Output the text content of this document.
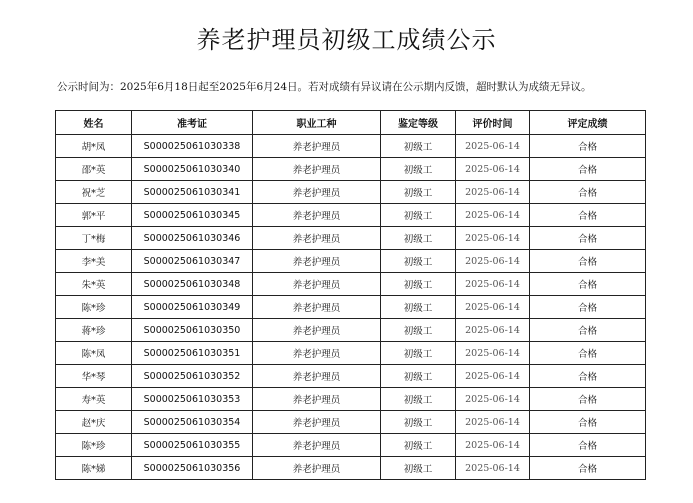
养老护理员初级工成绩公示
公示时间为：2025年6月18日起至2025年6月24日。若对成绩有异议请在公示期内反馈，超时默认为成绩无异议。
姓名	准考证	职业工种	鉴定等级	评价时间	评定成绩
胡*凤	S000025061030338	养老护理员	初级工	2025-06-14	合格
邵*英	S000025061030340	养老护理员	初级工	2025-06-14	合格
祝*芝	S000025061030341	养老护理员	初级工	2025-06-14	合格
郭*平	S000025061030345	养老护理员	初级工	2025-06-14	合格
丁*梅	S000025061030346	养老护理员	初级工	2025-06-14	合格
李*美	S000025061030347	养老护理员	初级工	2025-06-14	合格
朱*英	S000025061030348	养老护理员	初级工	2025-06-14	合格
陈*珍	S000025061030349	养老护理员	初级工	2025-06-14	合格
蒋*珍	S000025061030350	养老护理员	初级工	2025-06-14	合格
陈*凤	S000025061030351	养老护理员	初级工	2025-06-14	合格
华*琴	S000025061030352	养老护理员	初级工	2025-06-14	合格
寿*英	S000025061030353	养老护理员	初级工	2025-06-14	合格
赵*庆	S000025061030354	养老护理员	初级工	2025-06-14	合格
陈*珍	S000025061030355	养老护理员	初级工	2025-06-14	合格
陈*娣	S000025061030356	养老护理员	初级工	2025-06-14	合格
